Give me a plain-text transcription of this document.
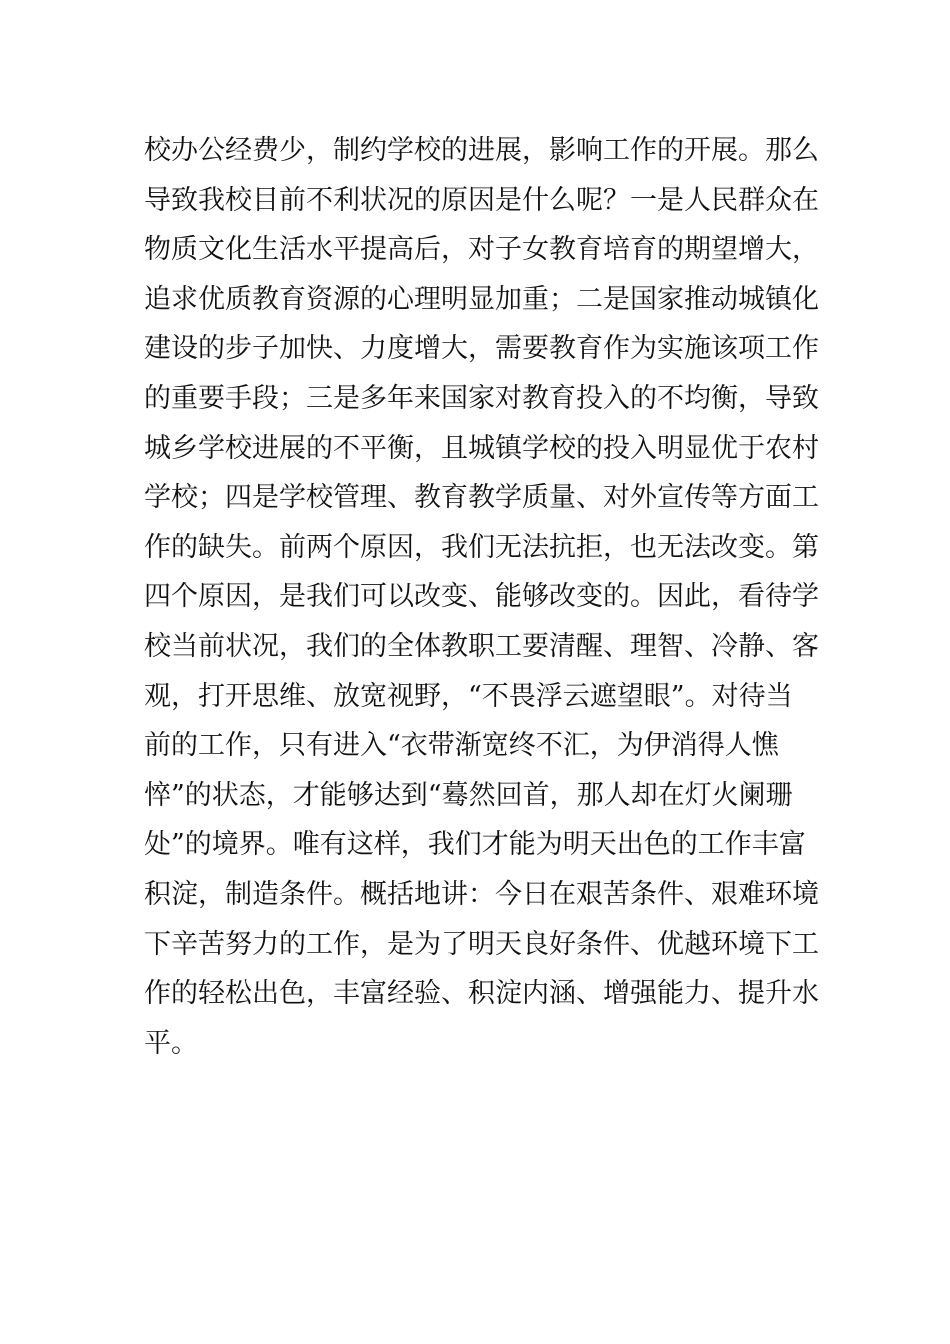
校办公经费少，制约学校的进展，影响工作的开展。那么
导致我校目前不利状况的原因是什么呢？一是人民群众在
物质文化生活水平提高后，对子女教育培育的期望增大，
追求优质教育资源的心理明显加重；二是国家推动城镇化
建设的步子加快、力度增大，需要教育作为实施该项工作
的重要手段；三是多年来国家对教育投入的不均衡，导致
城乡学校进展的不平衡，且城镇学校的投入明显优于农村
学校；四是学校管理、教育教学质量、对外宣传等方面工
作的缺失。前两个原因，我们无法抗拒，也无法改变。第
四个原因，是我们可以改变、能够改变的。因此，看待学
校当前状况，我们的全体教职工要清醒、理智、冷静、客
观，打开思维、放宽视野，“不畏浮云遮望眼”。对待当
前的工作，只有进入“衣带渐宽终不汇，为伊消得人憔
悴”的状态，才能够达到“蓦然回首，那人却在灯火阑珊
处”的境界。唯有这样，我们才能为明天出色的工作丰富
积淀，制造条件。概括地讲：今日在艰苦条件、艰难环境
下辛苦努力的工作，是为了明天良好条件、优越环境下工
作的轻松出色，丰富经验、积淀内涵、增强能力、提升水
平。
